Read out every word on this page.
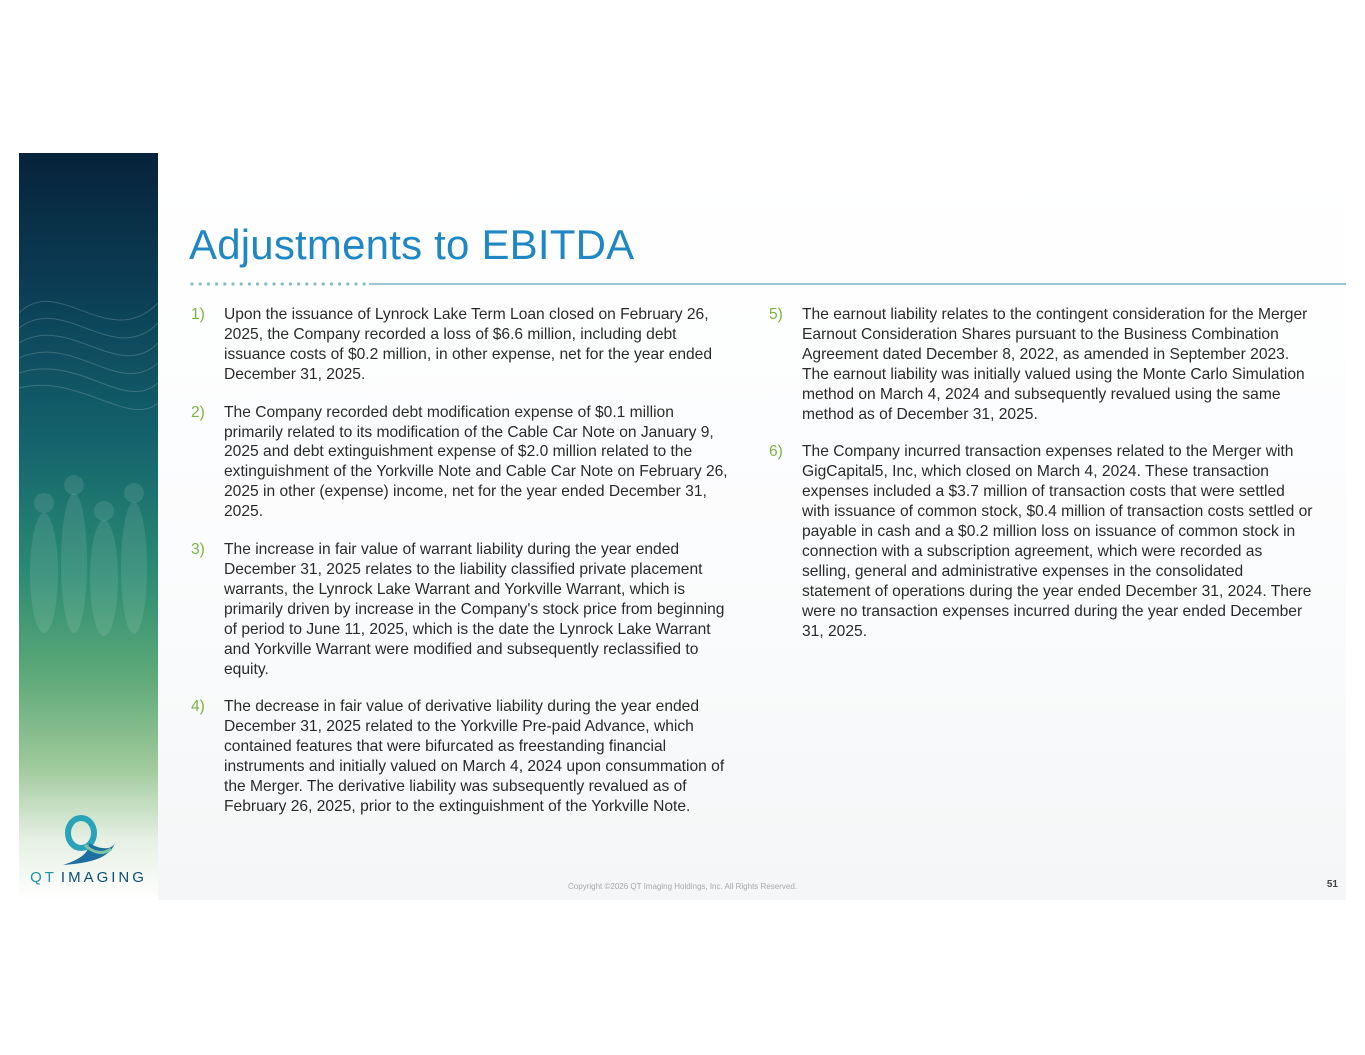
QT IMAGING
Adjustments to EBITDA
1)	Upon the issuance of Lynrock Lake Term Loan closed on February 26, 2025, the Company recorded a loss of $6.6 million, including debt issuance costs of $0.2 million, in other expense, net for the year ended December 31, 2025.
2)	The Company recorded debt modification expense of $0.1 million primarily related to its modification of the Cable Car Note on January 9, 2025 and debt extinguishment expense of $2.0 million related to the extinguishment of the Yorkville Note and Cable Car Note on February 26, 2025 in other (expense) income, net for the year ended December 31, 2025.
3)	The increase in fair value of warrant liability during the year ended December 31, 2025 relates to the liability classified private placement warrants, the Lynrock Lake Warrant and Yorkville Warrant, which is primarily driven by increase in the Company's stock price from beginning of period to June 11, 2025, which is the date the Lynrock Lake Warrant and Yorkville Warrant were modified and subsequently reclassified to equity.
4)	The decrease in fair value of derivative liability during the year ended December 31, 2025 related to the Yorkville Pre-paid Advance, which contained features that were bifurcated as freestanding financial instruments and initially valued on March 4, 2024 upon consummation of the Merger. The derivative liability was subsequently revalued as of February 26, 2025, prior to the extinguishment of the Yorkville Note.
5)	The earnout liability relates to the contingent consideration for the Merger Earnout Consideration Shares pursuant to the Business Combination Agreement dated December 8, 2022, as amended in September 2023. The earnout liability was initially valued using the Monte Carlo Simulation method on March 4, 2024 and subsequently revalued using the same method as of December 31, 2025.
6)	The Company incurred transaction expenses related to the Merger with GigCapital5, Inc, which closed on March 4, 2024. These transaction expenses included a $3.7 million of transaction costs that were settled with issuance of common stock, $0.4 million of transaction costs settled or payable in cash and a $0.2 million loss on issuance of common stock in connection with a subscription agreement, which were recorded as selling, general and administrative expenses in the consolidated statement of operations during the year ended December 31, 2024. There were no transaction expenses incurred during the year ended December 31, 2025.
Copyright ©2026 QT Imaging Holdings, Inc. All Rights Reserved.	51
